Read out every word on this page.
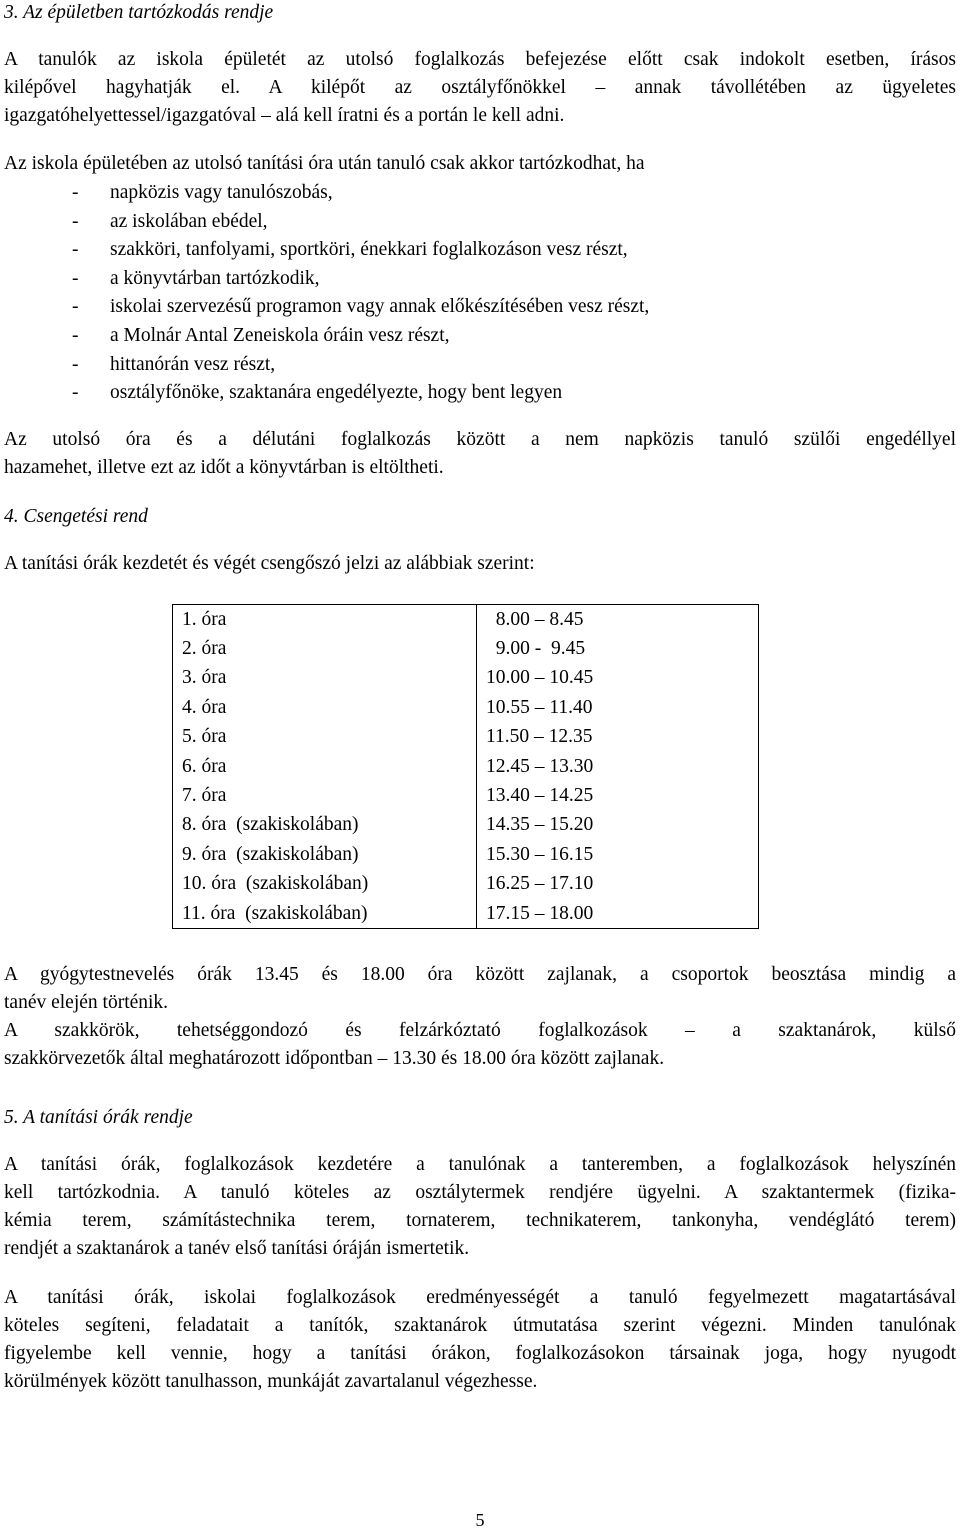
3. Az épületben tartózkodás rendje
A tanulók az iskola épületét az utolsó foglalkozás befejezése előtt csak indokolt esetben, írásos
kilépővel hagyhatják el. A kilépőt az osztályfőnökkel – annak távollétében az ügyeletes
igazgatóhelyettessel/igazgatóval – alá kell íratni és a portán le kell adni.
Az iskola épületében az utolsó tanítási óra után tanuló csak akkor tartózkodhat, ha
- napközis vagy tanulószobás,
- az iskolában ebédel,
- szakköri, tanfolyami, sportköri, énekkari foglalkozáson vesz részt,
- a könyvtárban tartózkodik,
- iskolai szervezésű programon vagy annak előkészítésében vesz részt,
- a Molnár Antal Zeneiskola óráin vesz részt,
- hittanórán vesz részt,
- osztályfőnöke, szaktanára engedélyezte, hogy bent legyen
Az utolsó óra és a délutáni foglalkozás között a nem napközis tanuló szülői engedéllyel
hazamehet, illetve ezt az időt a könyvtárban is eltöltheti.
4. Csengetési rend
A tanítási órák kezdetét és végét csengőszó jelzi az alábbiak szerint:
1. óra	8.00 – 8.45
2. óra	9.00 -  9.45
3. óra	10.00 – 10.45
4. óra	10.55 – 11.40
5. óra	11.50 – 12.35
6. óra	12.45 – 13.30
7. óra	13.40 – 14.25
8. óra  (szakiskolában)	14.35 – 15.20
9. óra  (szakiskolában)	15.30 – 16.15
10. óra  (szakiskolában)	16.25 – 17.10
11. óra  (szakiskolában)	17.15 – 18.00
A gyógytestnevelés órák 13.45 és 18.00 óra között zajlanak, a csoportok beosztása mindig a
tanév elején történik.
A szakkörök, tehetséggondozó és felzárkóztató foglalkozások – a szaktanárok, külső
szakkörvezetők által meghatározott időpontban – 13.30 és 18.00 óra között zajlanak.
5. A tanítási órák rendje
A tanítási órák, foglalkozások kezdetére a tanulónak a tanteremben, a foglalkozások helyszínén
kell tartózkodnia. A tanuló köteles az osztálytermek rendjére ügyelni. A szaktantermek (fizika-
kémia terem, számítástechnika terem, tornaterem, technikaterem, tankonyha, vendéglátó terem)
rendjét a szaktanárok a tanév első tanítási óráján ismertetik.
A tanítási órák, iskolai foglalkozások eredményességét a tanuló fegyelmezett magatartásával
köteles segíteni, feladatait a tanítók, szaktanárok útmutatása szerint végezni. Minden tanulónak
figyelembe kell vennie, hogy a tanítási órákon, foglalkozásokon társainak joga, hogy nyugodt
körülmények között tanulhasson, munkáját zavartalanul végezhesse.
5
